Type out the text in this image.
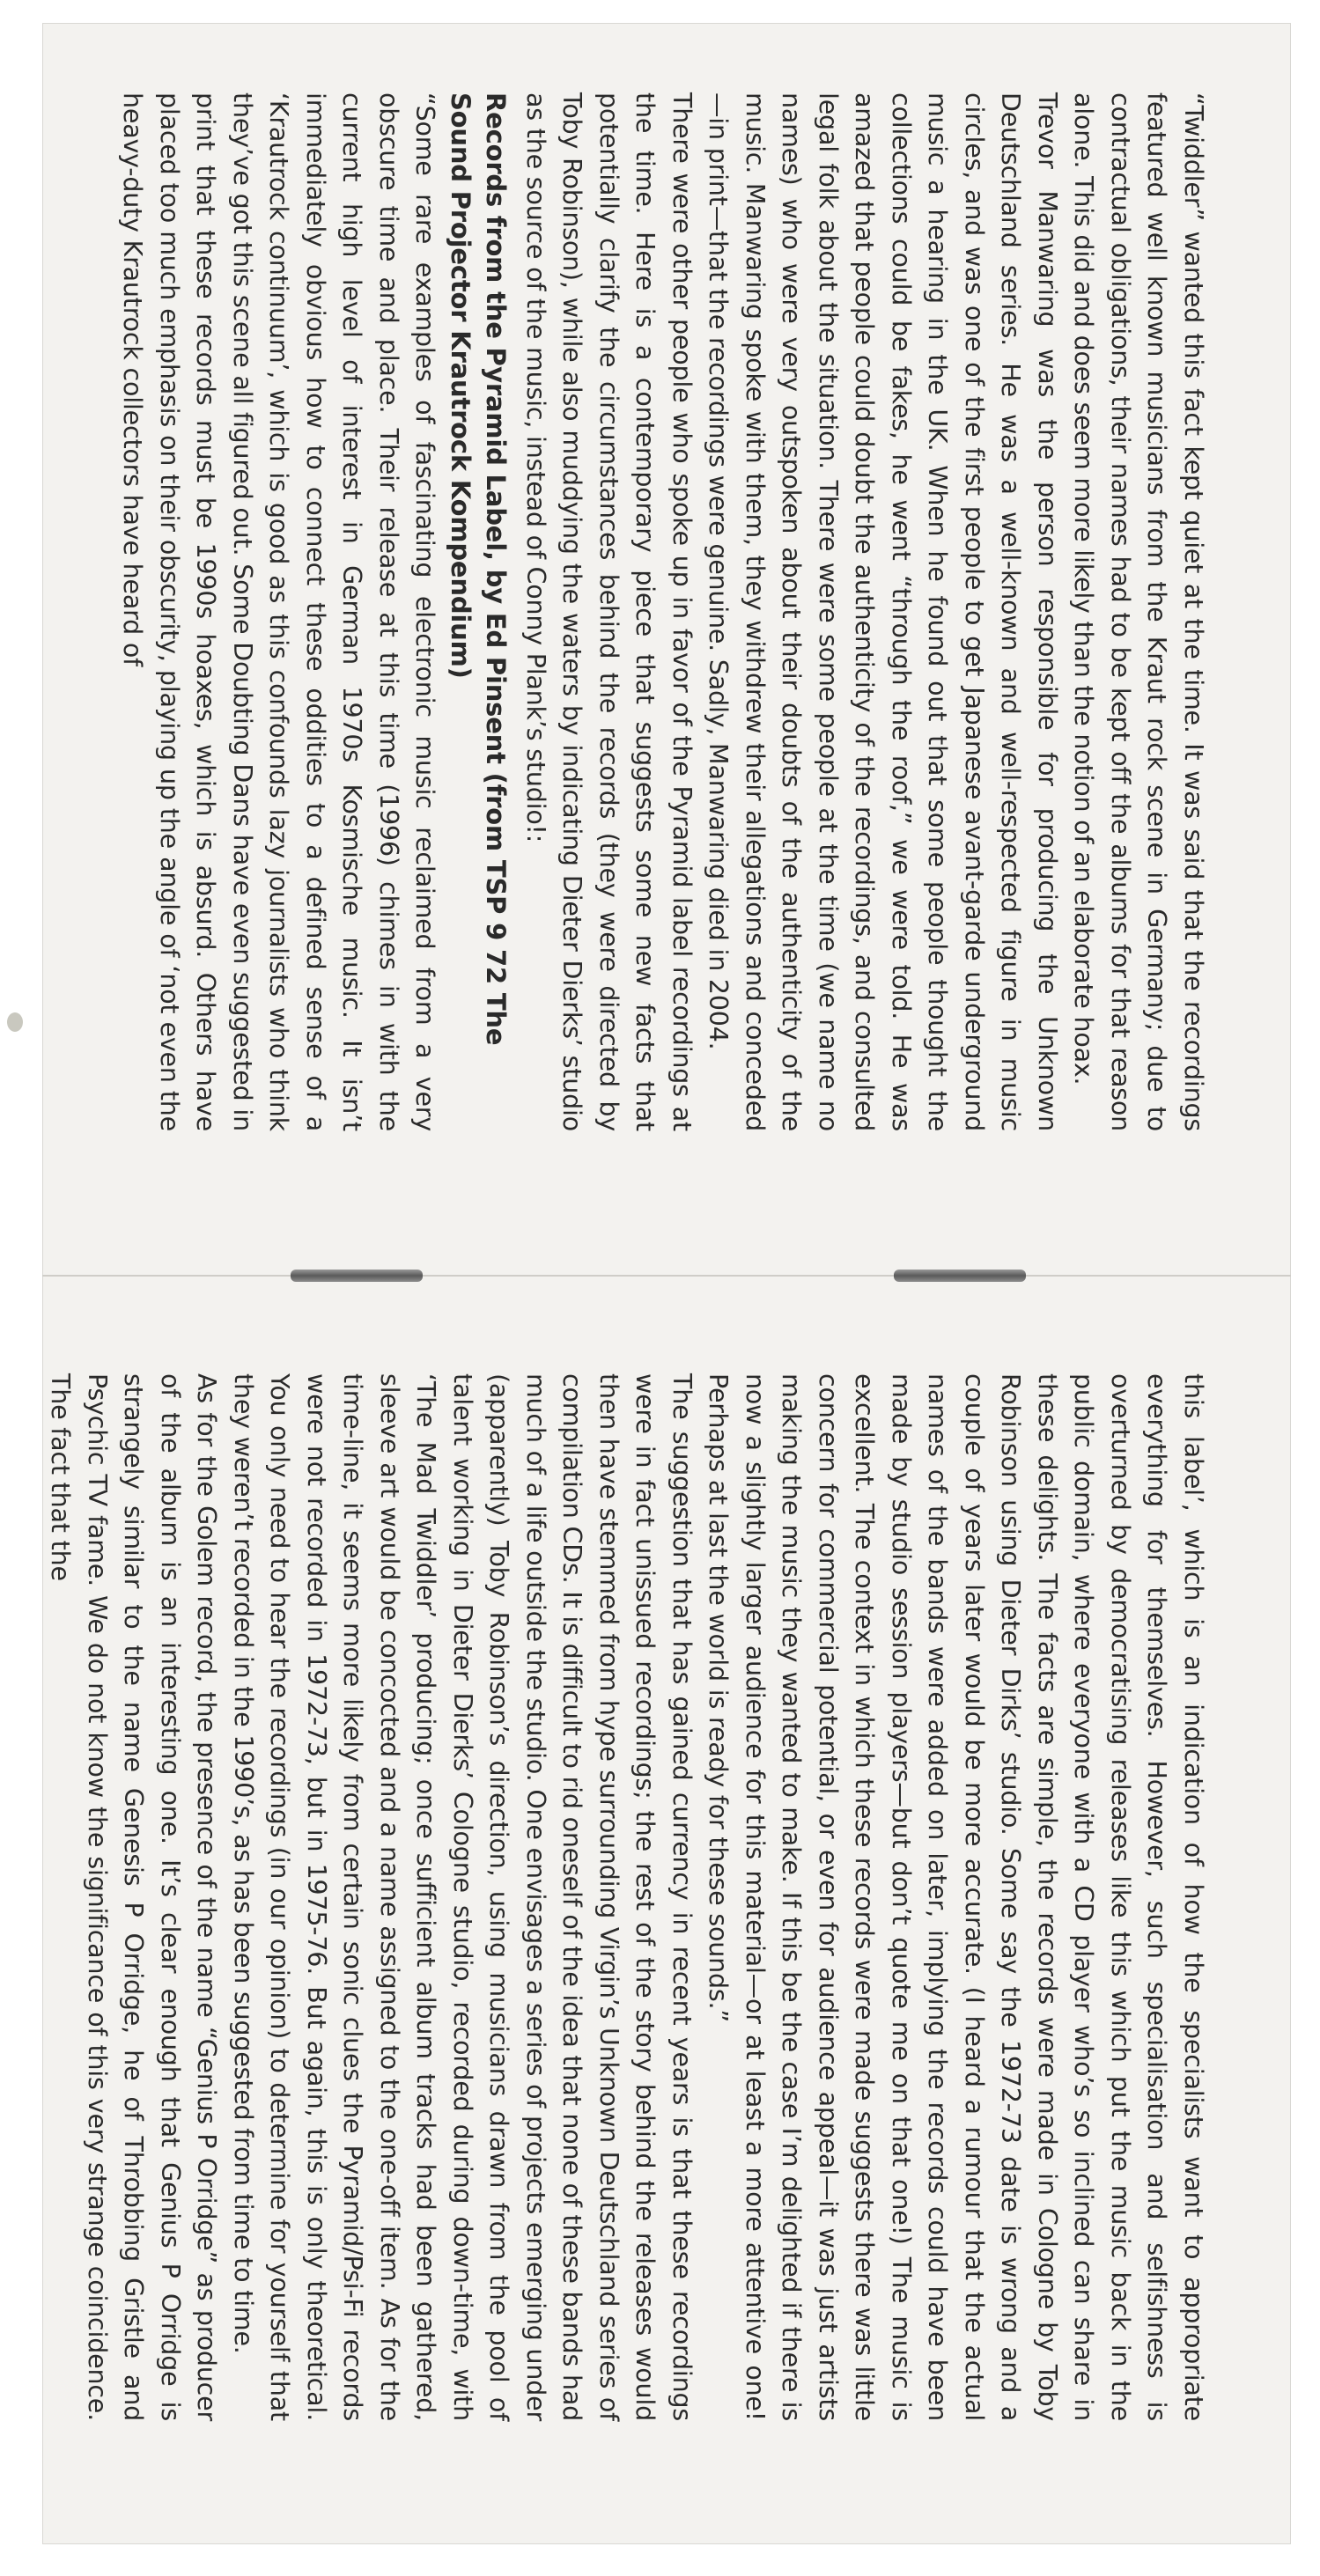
“Twiddler” wanted this fact kept quiet at the time. It was said that the recordings featured well known musicians from the Kraut rock scene in Germany; due to contractual obligations, their names had to be kept off the albums for that reason alone. This did and does seem more likely than the notion of an elaborate hoax.

Trevor Manwaring was the person responsible for producing the Unknown Deutschland series. He was a well-known and well-respected figure in music circles, and was one of the first people to get Japanese avant-garde underground music a hearing in the UK. When he found out that some people thought the collections could be fakes, he went “through the roof,” we were told. He was amazed that people could doubt the authenticity of the recordings, and consulted legal folk about the situation. There were some people at the time (we name no names) who were very outspoken about their doubts of the authenticity of the music. Manwaring spoke with them, they withdrew their allegations and conceded—in print—that the recordings were genuine. Sadly, Manwaring died in 2004.

There were other people who spoke up in favor of the Pyramid label recordings at the time. Here is a contemporary piece that suggests some new facts that potentially clarify the circumstances behind the records (they were directed by Toby Robinson), while also muddying the waters by indicating Dieter Dierks’ studio as the source of the music, instead of Conny Plank’s studio!:

Records from the Pyramid Label, by Ed Pinsent (from TSP 9 72 The Sound Projector Krautrock Kompendium)

“Some rare examples of fascinating electronic music reclaimed from a very obscure time and place. Their release at this time (1996) chimes in with the current high level of interest in German 1970s Kosmische music. It isn’t immediately obvious how to connect these oddities to a defined sense of a ‘Krautrock continuum’, which is good as this confounds lazy journalists who think they’ve got this scene all figured out. Some Doubting Dans have even suggested in print that these records must be 1990s hoaxes, which is absurd. Others have placed too much emphasis on their obscurity, playing up the angle of ‘not even the heavy-duty Krautrock collectors have heard of

this label’, which is an indication of how the specialists want to appropriate everything for themselves. However, such specialisation and selfishness is overturned by democratising releases like this which put the music back in the public domain, where everyone with a CD player who’s so inclined can share in these delights. The facts are simple, the records were made in Cologne by Toby Robinson using Dieter Dirks’ studio. Some say the 1972-73 date is wrong and a couple of years later would be more accurate. (I heard a rumour that the actual names of the bands were added on later, implying the records could have been made by studio session players—but don’t quote me on that one!) The music is excellent. The context in which these records were made suggests there was little concern for commercial potential, or even for audience appeal—it was just artists making the music they wanted to make. If this be the case I’m delighted if there is now a slightly larger audience for this material—or at least a more attentive one! Perhaps at last the world is ready for these sounds.”

The suggestion that has gained currency in recent years is that these recordings were in fact unissued recordings; the rest of the story behind the releases would then have stemmed from hype surrounding Virgin’s Unknown Deutschland series of compilation CDs. It is difficult to rid oneself of the idea that none of these bands had much of a life outside the studio. One envisages a series of projects emerging under (apparently) Toby Robinson’s direction, using musicians drawn from the pool of talent working in Dieter Dierks’ Cologne studio, recorded during down-time, with ‘The Mad Twiddler’ producing; once sufficient album tracks had been gathered, sleeve art would be concocted and a name assigned to the one-off item. As for the time-line, it seems more likely from certain sonic clues the Pyramid/Psi-Fi records were not recorded in 1972-73, but in 1975-76. But again, this is only theoretical. You only need to hear the recordings (in our opinion) to determine for yourself that they weren’t recorded in the 1990’s, as has been suggested from time to time.

As for the Golem record, the presence of the name “Genius P Orridge” as producer of the album is an interesting one. It’s clear enough that Genius P Orridge is strangely similar to the name Genesis P Orridge, he of Throbbing Gristle and Psychic TV fame. We do not know the significance of this very strange coincidence. The fact that the
